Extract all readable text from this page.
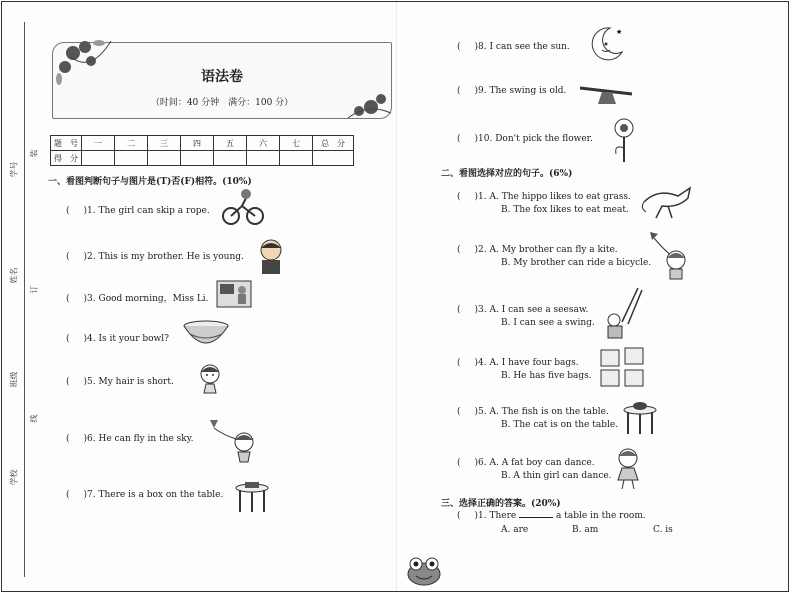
学号
姓名
班级
学校
装
订
线
语法卷
（时间：40 分钟　满分：100 分）
题　号	一	二	三	四	五	六	七	总　分
得　分								
一、看图判断句子与图片是(T)否(F)相符。(10%)
( )1. The girl can skip a rope.
( )2. This is my brother. He is young.
( )3. Good morning，Miss Li.
( )4. Is it your bowl?
( )5. My hair is short.
( )6. He can fly in the sky.
( )7. There is a box on the table.
( )8. I can see the sun.
( )9. The swing is old.
( )10. Don't pick the flower.
★
二、看图选择对应的句子。(6%)
( )1. A. The hippo likes to eat grass.
B. The fox likes to eat meat.
( )2. A. My brother can fly a kite.
B. My brother can ride a bicycle.
( )3. A. I can see a seesaw.
B. I can see a swing.
( )4. A. I have four bags.
B. He has five bags.
( )5. A. The fish is on the table.
B. The cat is on the table.
( )6. A. A fat boy can dance.
B. A thin girl can dance.
三、选择正确的答案。(20%)
( )1. There	a table in the room.
A. are	B. am	C. is
